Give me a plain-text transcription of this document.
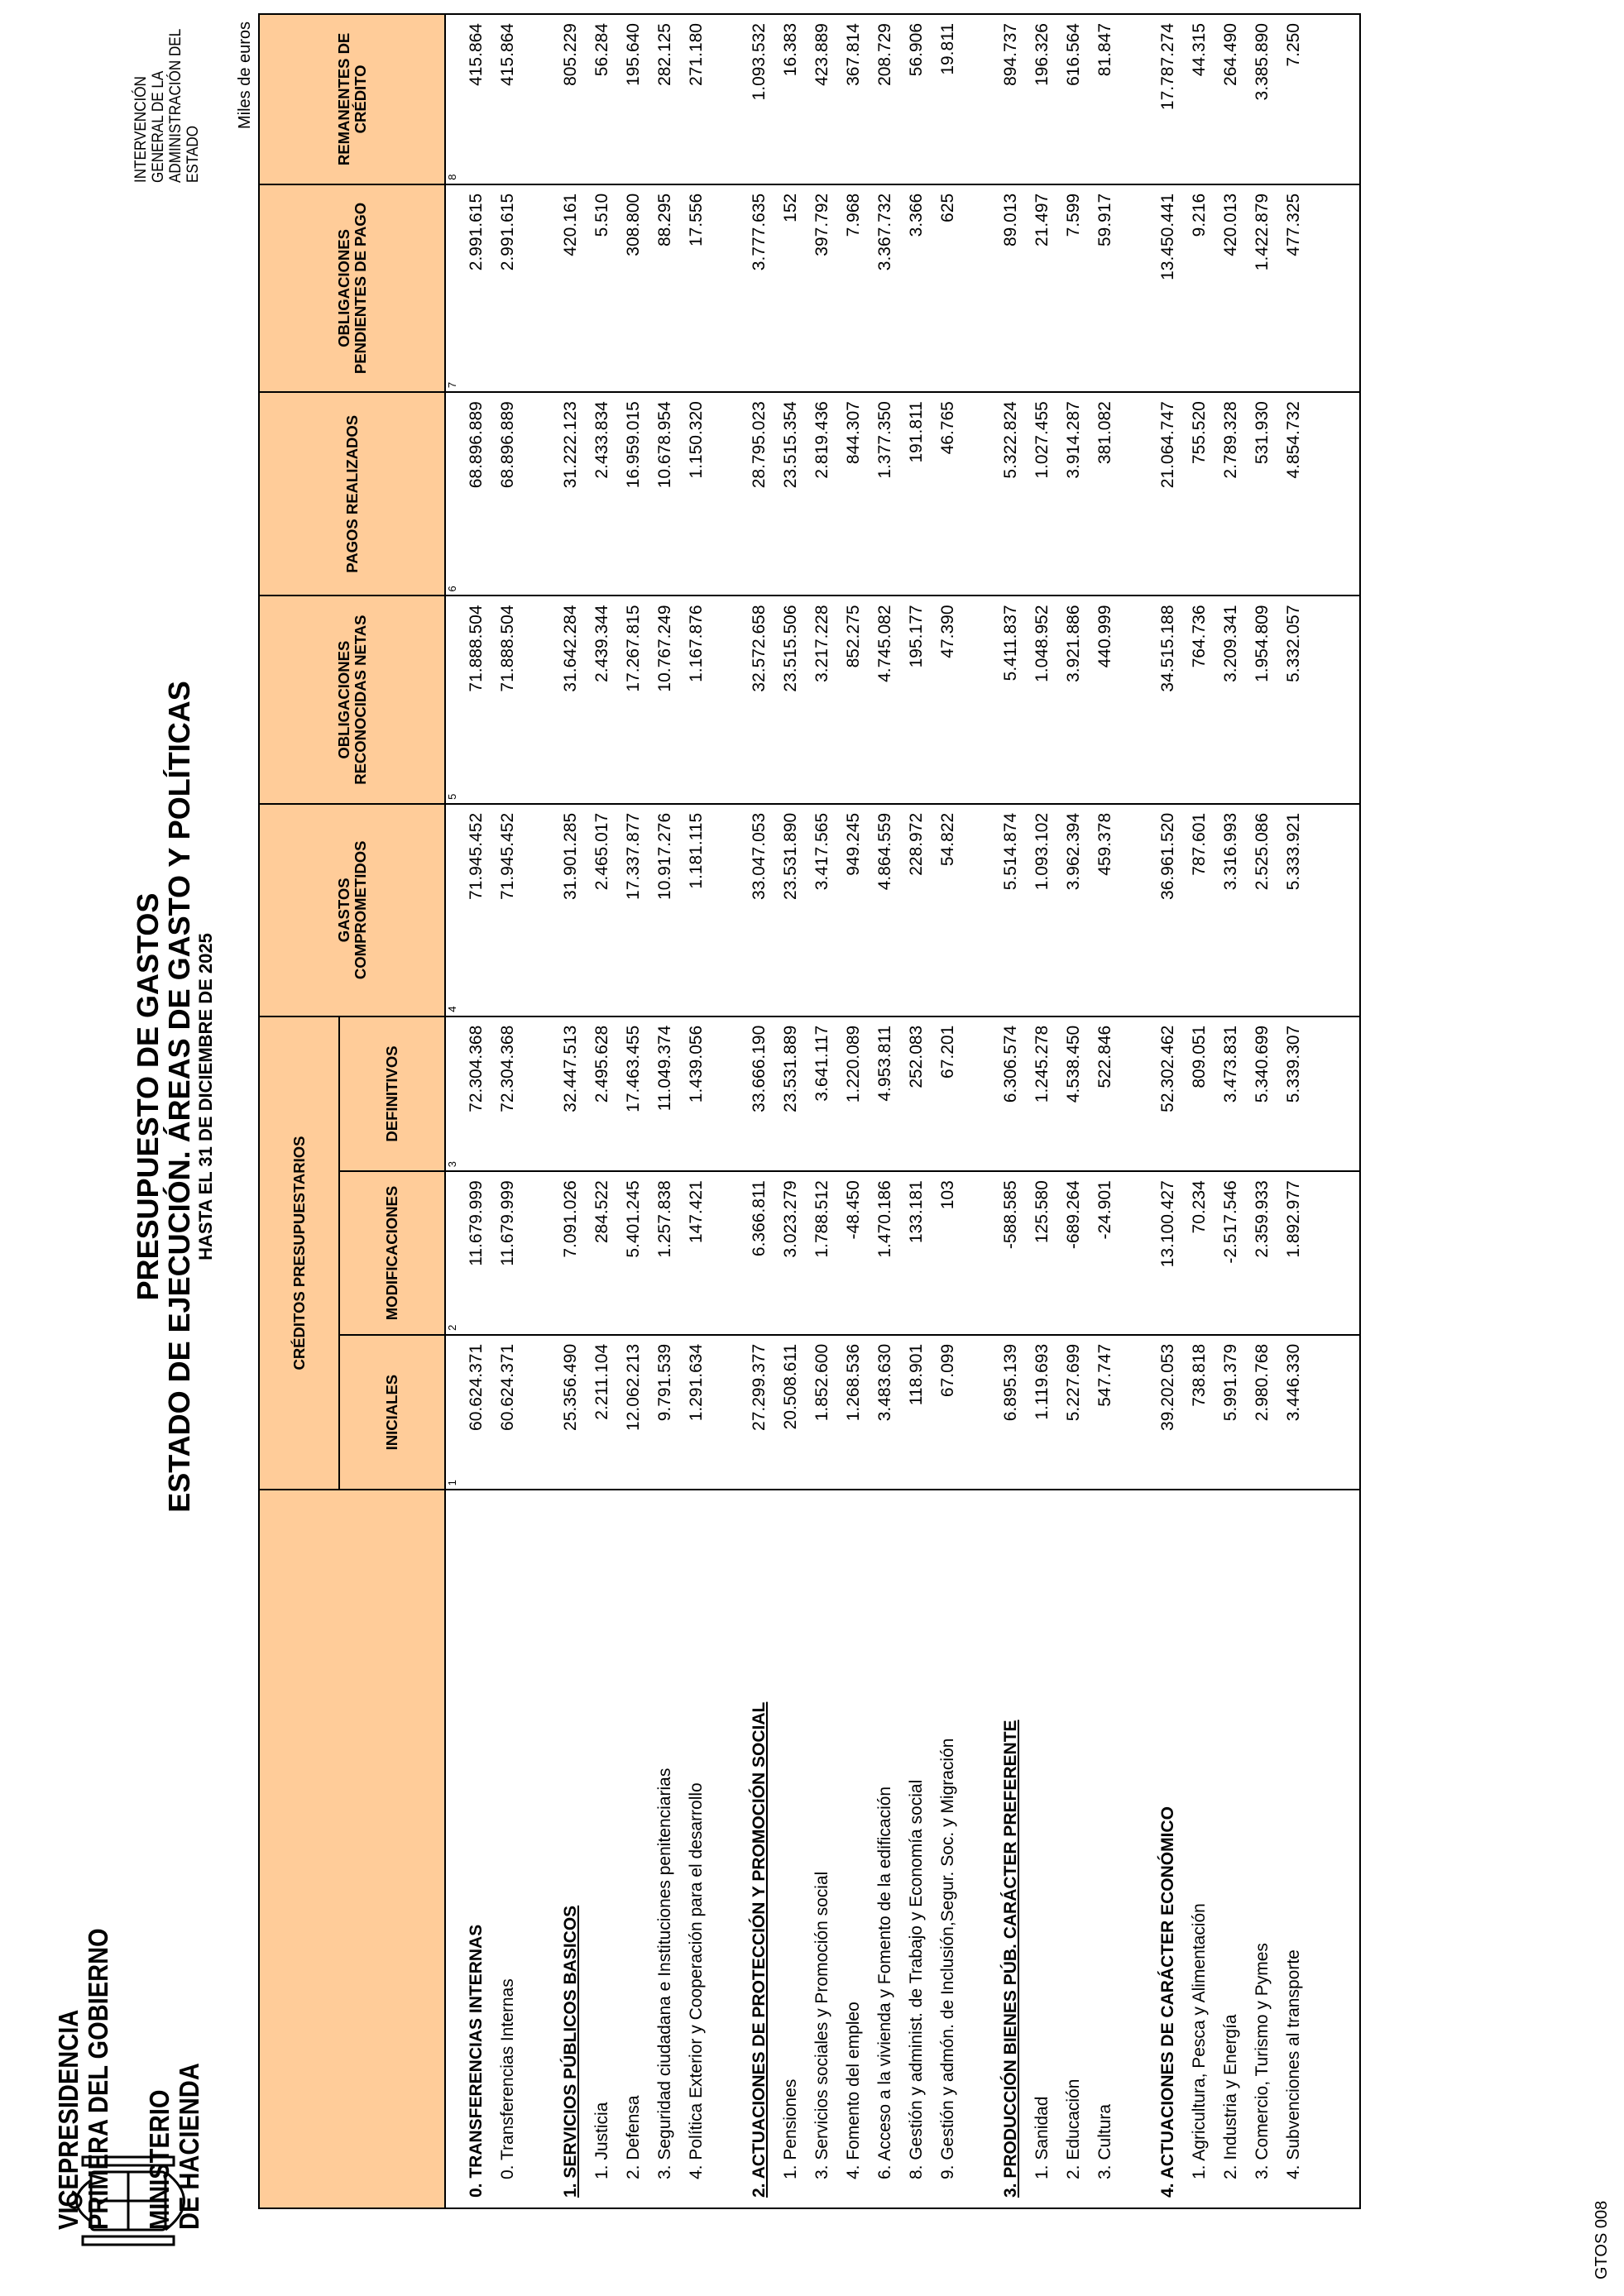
VICEPRESIDENCIA PRIMERA DEL GOBIERNO MINISTERIO DE HACIENDA
PRESUPUESTO DE GASTOS
ESTADO DE EJECUCIÓN. ÁREAS DE GASTO Y POLÍTICAS HASTA EL 31 DE DICIEMBRE DE 2025
INTERVENCIÓN GENERAL DE LA ADMINISTRACIÓN DEL ESTADO
Miles de euros
	CRÉDITOS PRESUPUESTARIOS			GASTOS COMPROMETIDOS	OBLIGACIONES RECONOCIDAS NETAS	PAGOS REALIZADOS	OBLIGACIONES PENDIENTES DE PAGO	REMANENTES DE CRÉDITO
	INICIALES	MODIFICACIONES	DEFINITIVOS					
	1	2	3	4	5	6	7	8
0. TRANSFERENCIAS INTERNAS	60.624.371	11.679.999	72.304.368	71.945.452	71.888.504	68.896.889	2.991.615	415.864
0. Transferencias Internas	60.624.371	11.679.999	72.304.368	71.945.452	71.888.504	68.896.889	2.991.615	415.864

1. SERVICIOS PÚBLICOS BASICOS	25.356.490	7.091.026	32.447.513	31.901.285	31.642.284	31.222.123	420.161	805.229
1. Justicia	2.211.104	284.522	2.495.628	2.465.017	2.439.344	2.433.834	5.510	56.284
2. Defensa	12.062.213	5.401.245	17.463.455	17.337.877	17.267.815	16.959.015	308.800	195.640
3. Seguridad ciudadana e Instituciones penitenciarias	9.791.539	1.257.838	11.049.374	10.917.276	10.767.249	10.678.954	88.295	282.125
4. Política Exterior y Cooperación para el desarrollo	1.291.634	147.421	1.439.056	1.181.115	1.167.876	1.150.320	17.556	271.180

2. ACTUACIONES DE PROTECCIÓN Y PROMOCIÓN SOCIAL	27.299.377	6.366.811	33.666.190	33.047.053	32.572.658	28.795.023	3.777.635	1.093.532
1. Pensiones	20.508.611	3.023.279	23.531.889	23.531.890	23.515.506	23.515.354	152	16.383
3. Servicios sociales y Promoción social	1.852.600	1.788.512	3.641.117	3.417.565	3.217.228	2.819.436	397.792	423.889
4. Fomento del empleo	1.268.536	-48.450	1.220.089	949.245	852.275	844.307	7.968	367.814
6. Acceso a la vivienda y Fomento de la edificación	3.483.630	1.470.186	4.953.811	4.864.559	4.745.082	1.377.350	3.367.732	208.729
8. Gestión y administ. de Trabajo y Economía social	118.901	133.181	252.083	228.972	195.177	191.811	3.366	56.906
9. Gestión y admón. de Inclusión,Segur. Soc. y Migración	67.099	103	67.201	54.822	47.390	46.765	625	19.811

3. PRODUCCIÓN BIENES PÚB. CARÁCTER PREFERENTE	6.895.139	-588.585	6.306.574	5.514.874	5.411.837	5.322.824	89.013	894.737
1. Sanidad	1.119.693	125.580	1.245.278	1.093.102	1.048.952	1.027.455	21.497	196.326
2. Educación	5.227.699	-689.264	4.538.450	3.962.394	3.921.886	3.914.287	7.599	616.564
3. Cultura	547.747	-24.901	522.846	459.378	440.999	381.082	59.917	81.847

4. ACTUACIONES DE CARÁCTER ECONÓMICO	39.202.053	13.100.427	52.302.462	36.961.520	34.515.188	21.064.747	13.450.441	17.787.274
1. Agricultura, Pesca y Alimentación	738.818	70.234	809.051	787.601	764.736	755.520	9.216	44.315
2. Industria y Energía	5.991.379	-2.517.546	3.473.831	3.316.993	3.209.341	2.789.328	420.013	264.490
3. Comercio, Turismo y Pymes	2.980.768	2.359.933	5.340.699	2.525.086	1.954.809	531.930	1.422.879	3.385.890
4. Subvenciones al transporte	3.446.330	1.892.977	5.339.307	5.333.921	5.332.057	4.854.732	477.325	7.250

GTOS 008
